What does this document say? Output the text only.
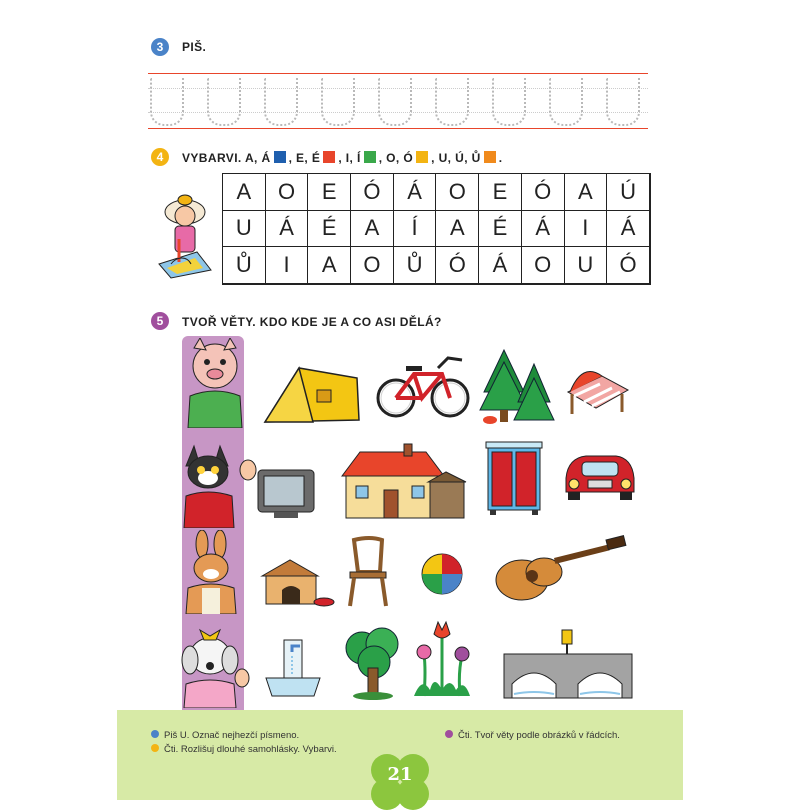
3	PIŠ.
4	VYBARVI. A, Á , E, É , I, Í , O, Ó , U, Ú, Ů .
A	O	E	Ó	Á	O	E	Ó	A	Ú
U	Á	É	A	Í	A	É	Á	I	Á
Ů	I	A	O	Ů	Ó	Á	O	U	Ó
5	TVOŘ VĚTY. KDO KDE JE A CO ASI DĚLÁ?
Piš U. Označ nejhezčí písmeno.
Čti. Rozlišuj dlouhé samohlásky. Vybarvi.
Čti. Tvoř věty podle obrázků v řádcích.
21
